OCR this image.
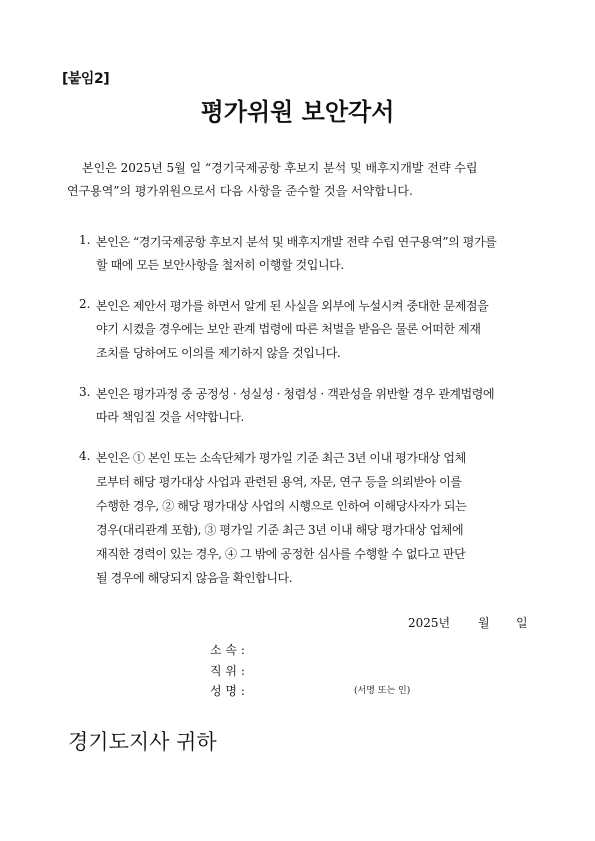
[붙임2]
평가위원 보안각서
본인은 2025년 5월 일 “경기국제공항 후보지 분석 및 배후지개발 전략 수립
연구용역”의 평가위원으로서 다음 사항을 준수할 것을 서약합니다.
1. 본인은 “경기국제공항 후보지 분석 및 배후지개발 전략 수립 연구용역”의 평가를
할 때에 모든 보안사항을 철저히 이행할 것입니다.
2. 본인은 제안서 평가를 하면서 알게 된 사실을 외부에 누설시켜 중대한 문제점을
야기 시켰을 경우에는 보안 관계 법령에 따른 처벌을 받음은 물론 어떠한 제재
조치를 당하여도 이의를 제기하지 않을 것입니다.
3. 본인은 평가과정 중 공정성 · 성실성 · 청렴성 · 객관성을 위반할 경우 관계법령에
따라 책임질 것을 서약합니다.
4. 본인은 ① 본인 또는 소속단체가 평가일 기준 최근 3년 이내 평가대상 업체
로부터 해당 평가대상 사업과 관련된 용역, 자문, 연구 등을 의뢰받아 이를
수행한 경우, ② 해당 평가대상 사업의 시행으로 인하여 이해당사자가 되는
경우(대리관계 포함), ③ 평가일 기준 최근 3년 이내 해당 평가대상 업체에
재직한 경력이 있는 경우, ④ 그 밖에 공정한 심사를 수행할 수 없다고 판단
될 경우에 해당되지 않음을 확인합니다.
2025년 월 일
소 속 :
직 위 :
성 명 :	(서명 또는 인)
경기도지사 귀하
